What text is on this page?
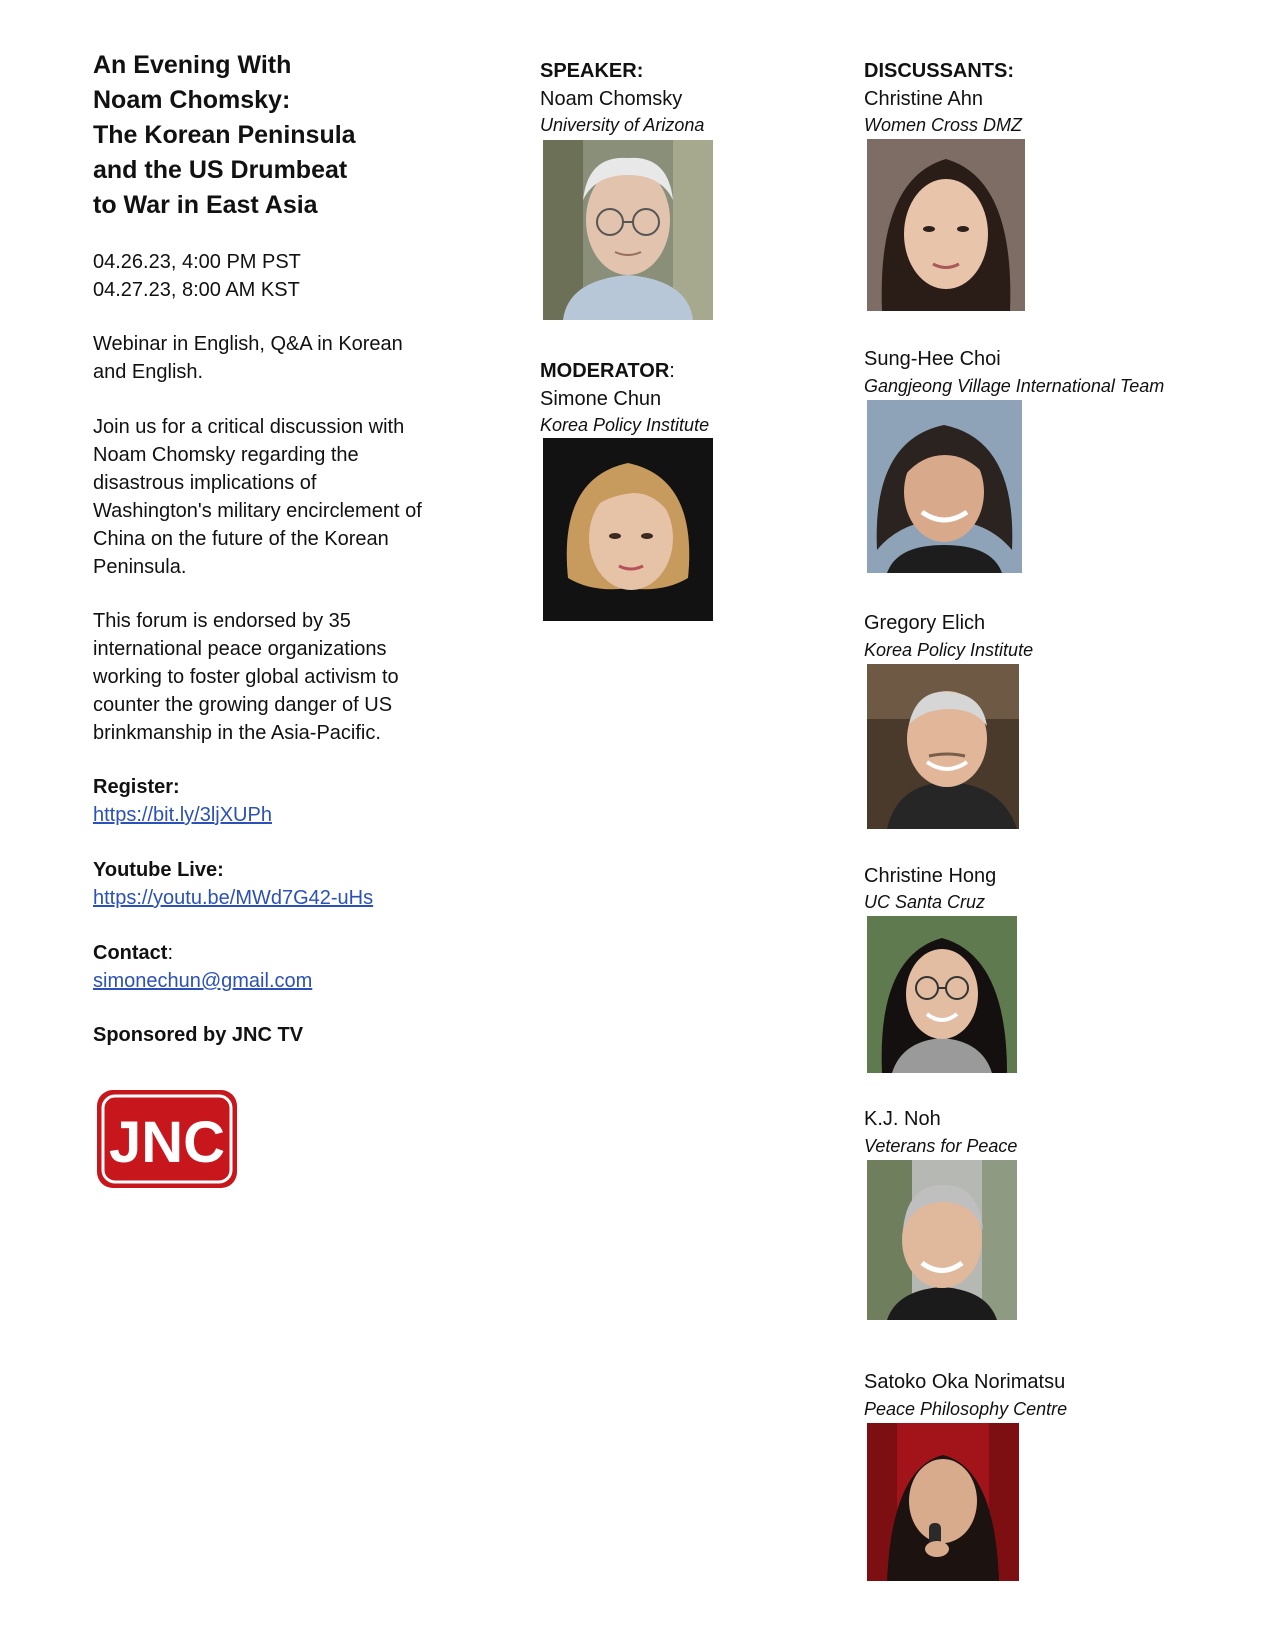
An Evening With
Noam Chomsky:
The Korean Peninsula
and the US Drumbeat
to War in East Asia
04.26.23, 4:00 PM PST
04.27.23, 8:00 AM KST
Webinar in English, Q&A in Korean
and English.
Join us for a critical discussion with
Noam Chomsky regarding the
disastrous implications of
Washington's military encirclement of
China on the future of the Korean
Peninsula.
This forum is endorsed by 35
international peace organizations
working to foster global activism to
counter the growing danger of US
brinkmanship in the Asia-Pacific.
Register:
https://bit.ly/3ljXUPh
Youtube Live:
https://youtu.be/MWd7G42-uHs
Contact:
simonechun@gmail.com
Sponsored by JNC TV
JNC
SPEAKER:
Noam Chomsky
University of Arizona
MODERATOR:
Simone Chun
Korea Policy Institute
DISCUSSANTS:
Christine Ahn
Women Cross DMZ
Sung-Hee Choi
Gangjeong Village International Team
Gregory Elich
Korea Policy Institute
Christine Hong
UC Santa Cruz
K.J. Noh
Veterans for Peace
Satoko Oka Norimatsu
Peace Philosophy Centre
